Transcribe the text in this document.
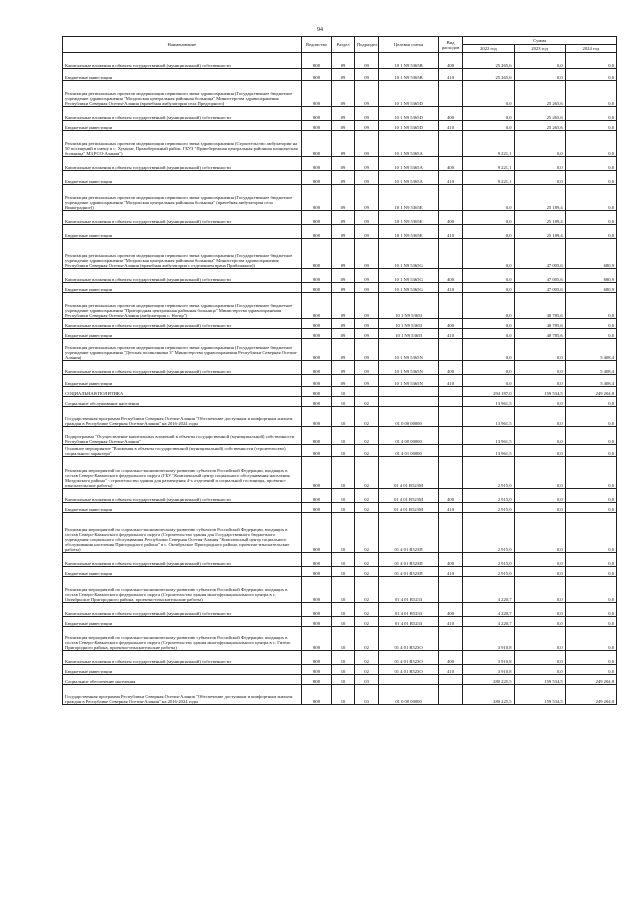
94
Наименование	Ведомство	Раздел	Подраздел	Целевая статья	Вид расходов	Сумма		
						2022 год	2023 год	2024 год
Капитальные вложения в объекты государственной (муниципальной) собственности	808	09	09	10 1 N9 5365B	400	25 265,6	0,0	0,0
Бюджетные инвестиции	808	09	09	10 1 N9 5365B	410	25 265,6	0,0	0,0
Реализация региональных проектов модернизации первичного звена здравоохранения (Государственное бюджетное учреждение здравоохранения "Моздокская центральная районная больница" Министерства здравоохранения Республики Северная Осетия-Алания (врачебная амбулатория села Предгорного)	808	09	09	10 1 N9 5365D		0,0	25 265,6	0,0
Капитальные вложения в объекты государственной (муниципальной) собственности	808	09	09	10 1 N9 5365D	400	0,0	25 265,6	0,0
Бюджетные инвестиции	808	09	09	10 1 N9 5365D	410	0,0	25 265,6	0,0
Реализация региональных проектов модернизации первичного звена здравоохранения (Строительство амбулатории на 50 посещений в смену в с. Хумалаг, Правобережный район. ГБУЗ "Правобережная центральная районная клиническая больница" МЗ РСО-Алания")	808	09	09	10 1 N9 5365A		9 221,1	0,0	0,0
Капитальные вложения в объекты государственной (муниципальной) собственности	808	09	09	10 1 N9 5365A	400	9 221,1	0,0	0,0
Бюджетные инвестиции	808	09	09	10 1 N9 5365A	410	9 221,1	0,0	0,0
Реализация региональных проектов модернизации первичного звена здравоохранения (Государственное бюджетное учреждение здравоохранения "Моздокская центральная районная больница" (врачебная амбулатория села Виноградное))	808	09	09	10 1 N9 5365E		0,0	25 189,4	0,0
Капитальные вложения в объекты государственной (муниципальной) собственности	808	09	09	10 1 N9 5365E	400	0,0	25 189,4	0,0
Бюджетные инвестиции	808	09	09	10 1 N9 5365E	410	0,0	25 189,4	0,0
Реализация региональных проектов модернизации первичного звена здравоохранения (Государственное бюджетное учреждение здравоохранения "Моздокская центральная районная больница" Министерства здравоохранения Республики Северная Осетия-Алания (врачебная амбулатория с отделением врача Приближное))	808	09	09	10 1 N9 5365G		0,0	47 005,6	680,9
Капитальные вложения в объекты государственной (муниципальной) собственности	808	09	09	10 1 N9 5365G	400	0,0	47 005,6	680,9
Бюджетные инвестиции	808	09	09	10 1 N9 5365G	410	0,0	47 005,6	680,9
Реализация региональных проектов модернизации первичного звена здравоохранения (Государственное бюджетное учреждение здравоохранения "Пригородная центральная районная больница" Министерства здравоохранения Республики Северная Осетия-Алания (амбулатория с. Ногир")	808	09	09	10 1 N9 5365I		0,0	40 785,6	0,0
Капитальные вложения в объекты государственной (муниципальной) собственности	808	09	09	10 1 N9 5365I	400	0,0	40 785,6	0,0
Бюджетные инвестиции	808	09	09	10 1 N9 5365I	410	0,0	40 785,6	0,0
Реализация региональных проектов модернизации первичного звена здравоохранения (Государственное бюджетное учреждение здравоохранения "Детская поликлиника 3" Министерства здравоохранения Республики Северная Осетия-Алания)	808	09	09	10 1 N9 5365N		0,0	0,0	5 408,4
Капитальные вложения в объекты государственной (муниципальной) собственности	808	09	09	10 1 N9 5365N	400	0,0	0,0	5 408,4
Бюджетные инвестиции	808	09	09	10 1 N9 5365N	410	0,0	0,0	5 408,4
СОЦИАЛЬНАЯ ПОЛИТИКА	808	10				294 187,0	159 534,5	249 204,8
Социальное обслуживание населения	808	10	02			13 961,5	0,0	0,0
Государственная программа Республики Северная Осетия-Алания "Обеспечение доступным и комфортным жильем граждан в Республике Северная Осетия-Алания" на 2016-2024 годы	808	10	02	01 0 00 00000		13 961,5	0,0	0,0
Подпрограмма "Осуществление капитальных вложений в объекты государственной (муниципальной) собственности Республики Северная Осетия-Алания"	808	10	02	01 4 00 00000		13 961,5	0,0	0,0
Основное мероприятие "Вложения в объекты государственной (муниципальной) собственности (строительство) социального характера"	808	10	02	01 4 01 00000		13 961,5	0,0	0,0
Реализация мероприятий по социально-экономическому развитию субъектов Российской Федерации, входящих в состав Северо-Кавказского федерального округа (ГБУ "Комплексный центр социального обслуживания населения Моздокского района" - строительство здания для размещения 4-х отделений и социальной гостиницы, проектно-изыскательские работы)	808	10	02	01 4 01 R523М		2 915,0	0,0	0,0
Капитальные вложения в объекты государственной (муниципальной) собственности	808	10	02	01 4 01 R523М	400	2 915,0	0,0	0,0
Бюджетные инвестиции	808	10	02	01 4 01 R523М	410	2 915,0	0,0	0,0
Реализация мероприятий по социально-экономическому развитию субъектов Российской Федерации, входящих в состав Северо-Кавказского федерального округа (Строительство здания для Государственного бюджетного учреждения социального обслуживания Республики Северная Осетия-Алания "Комплексный центр социального обслуживания населения Пригородного района" в с. Октябрьское Пригородного района, проектно-изыскательские работы)	808	10	02	01 4 01 R523П		2 915,0	0,0	0,0
Капитальные вложения в объекты государственной (муниципальной) собственности	808	10	02	01 4 01 R523П	400	2 915,0	0,0	0,0
Бюджетные инвестиции	808	10	02	01 4 01 R523П	410	2 915,0	0,0	0,0
Реализация мероприятий по социально-экономическому развитию субъектов Российской Федерации, входящих в состав Северо-Кавказского федерального округа (Строительство здания многофункционального центра в с. Октябрьское Пригородного района, проектно-изыскательские работы)	808	10	02	01 4 01 R5233		4 220,7	0,0	0,0
Капитальные вложения в объекты государственной (муниципальной) собственности	808	10	02	01 4 01 R5233	400	4 220,7	0,0	0,0
Бюджетные инвестиции	808	10	02	01 4 01 R5233	410	4 220,7	0,0	0,0
Реализация мероприятий по социально-экономическому развитию субъектов Российской Федерации, входящих в состав Северо-Кавказского федерального округа (Строительство здания многофункционального центра в с. Гизель Пригородного района, проектно-изыскательские работы)	808	10	02	01 4 01 R523О		3 910,8	0,0	0,0
Капитальные вложения в объекты государственной (муниципальной) собственности	808	10	02	01 4 01 R523О	400	3 910,8	0,0	0,0
Бюджетные инвестиции	808	10	02	01 4 01 R523О	410	3 910,8	0,0	0,0
Социальное обеспечение населения	808	10	03			280 225,5	159 534,5	249 204,8
Государственная программа Республики Северная Осетия-Алания "Обеспечение доступным и комфортным жильем граждан в Республике Северная Осетия-Алания" на 2016-2024 годы	808	10	03	01 0 00 00000		280 225,5	159 534,5	249 204,8
